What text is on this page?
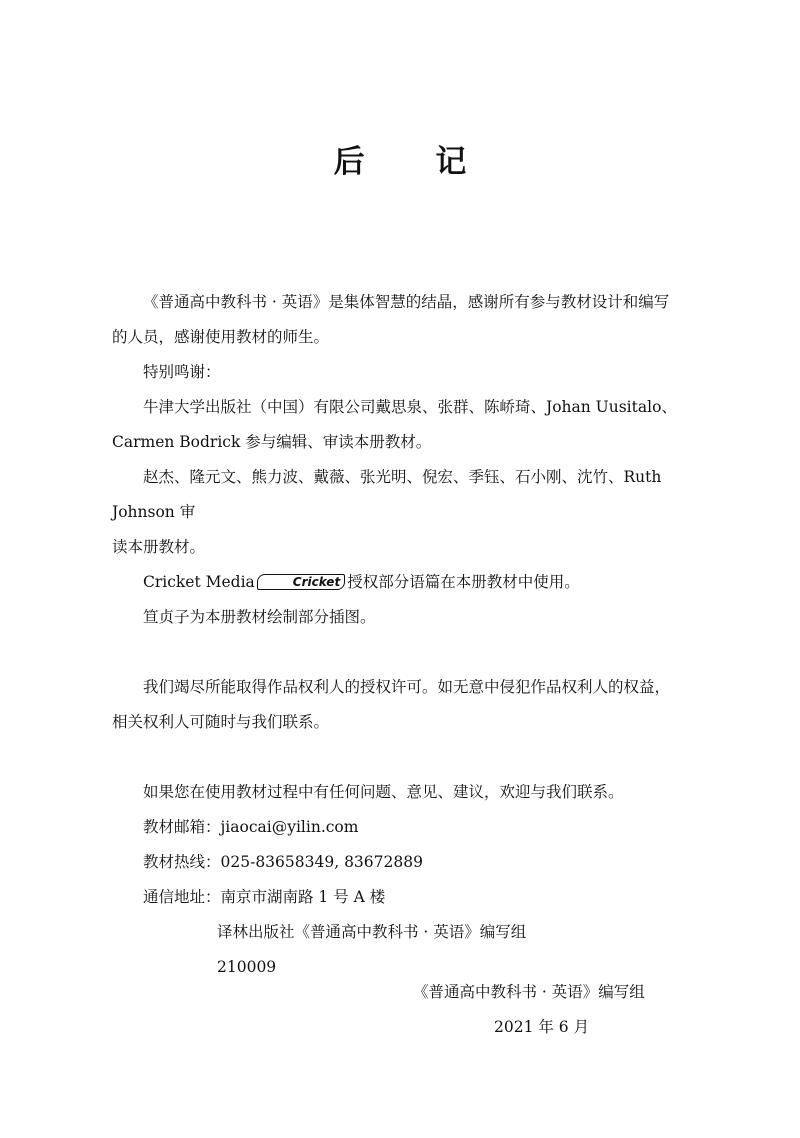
后 记

《普通高中教科书 · 英语》是集体智慧的结晶，感谢所有参与教材设计和编写

的人员，感谢使用教材的师生。

特别鸣谢：

牛津大学出版社（中国）有限公司戴思泉、张群、陈峤琦、Johan Uusitalo、

Carmen Bodrick 参与编辑、审读本册教材。

赵杰、隆元文、熊力波、戴薇、张光明、倪宏、季钰、石小刚、沈竹、Ruth Johnson 审

读本册教材。

Cricket Media	Cricket 授权部分语篇在本册教材中使用。

笪贞子为本册教材绘制部分插图。

我们竭尽所能取得作品权利人的授权许可。如无意中侵犯作品权利人的权益，

相关权利人可随时与我们联系。

如果您在使用教材过程中有任何问题、意见、建议，欢迎与我们联系。

教材邮箱：jiaocai@yilin.com

教材热线：025-83658349, 83672889

通信地址：南京市湖南路 1 号 A 楼

译林出版社《普通高中教科书 · 英语》编写组

210009

《普通高中教科书 · 英语》编写组
2021 年 6 月
